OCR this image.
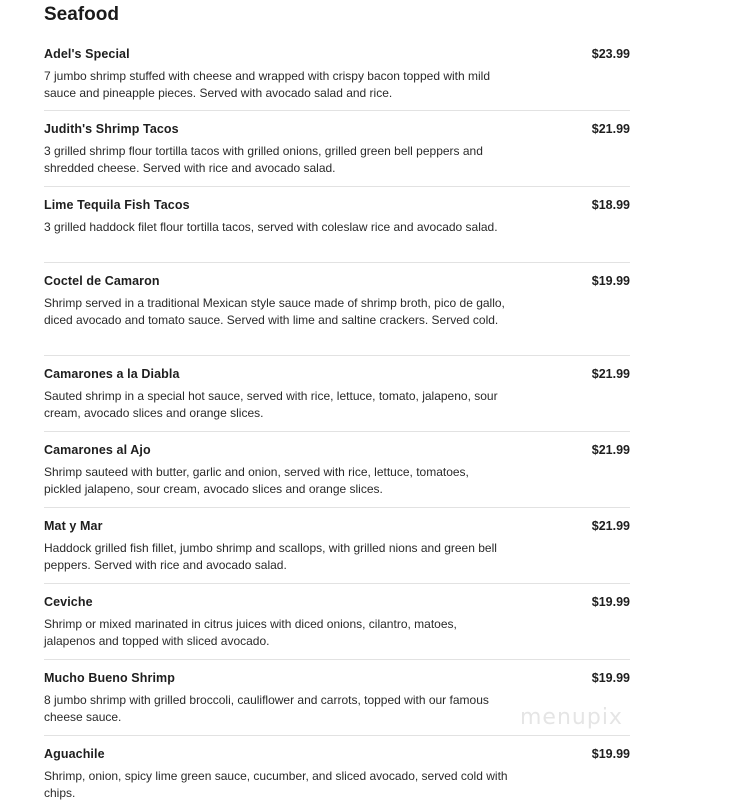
Seafood
Adel's Special	$23.99
7 jumbo shrimp stuffed with cheese and wrapped with crispy bacon topped with mild sauce and pineapple pieces. Served with avocado salad and rice.
Judith's Shrimp Tacos	$21.99
3 grilled shrimp flour tortilla tacos with grilled onions, grilled green bell peppers and shredded cheese. Served with rice and avocado salad.
Lime Tequila Fish Tacos	$18.99
3 grilled haddock filet flour tortilla tacos, served with coleslaw rice and avocado salad.
Coctel de Camaron	$19.99
Shrimp served in a traditional Mexican style sauce made of shrimp broth, pico de gallo, diced avocado and tomato sauce. Served with lime and saltine crackers. Served cold.
Camarones a la Diabla	$21.99
Sauted shrimp in a special hot sauce, served with rice, lettuce, tomato, jalapeno, sour cream, avocado slices and orange slices.
Camarones al Ajo	$21.99
Shrimp sauteed with butter, garlic and onion, served with rice, lettuce, tomatoes, pickled jalapeno, sour cream, avocado slices and orange slices.
Mat y Mar	$21.99
Haddock grilled fish fillet, jumbo shrimp and scallops, with grilled nions and green bell peppers. Served with rice and avocado salad.
Ceviche	$19.99
Shrimp or mixed marinated in citrus juices with diced onions, cilantro, matoes, jalapenos and topped with sliced avocado.
Mucho Bueno Shrimp	$19.99
8 jumbo shrimp with grilled broccoli, cauliflower and carrots, topped with our famous cheese sauce.
Aguachile	$19.99
Shrimp, onion, spicy lime green sauce, cucumber, and sliced avocado, served cold with chips.
menupix
